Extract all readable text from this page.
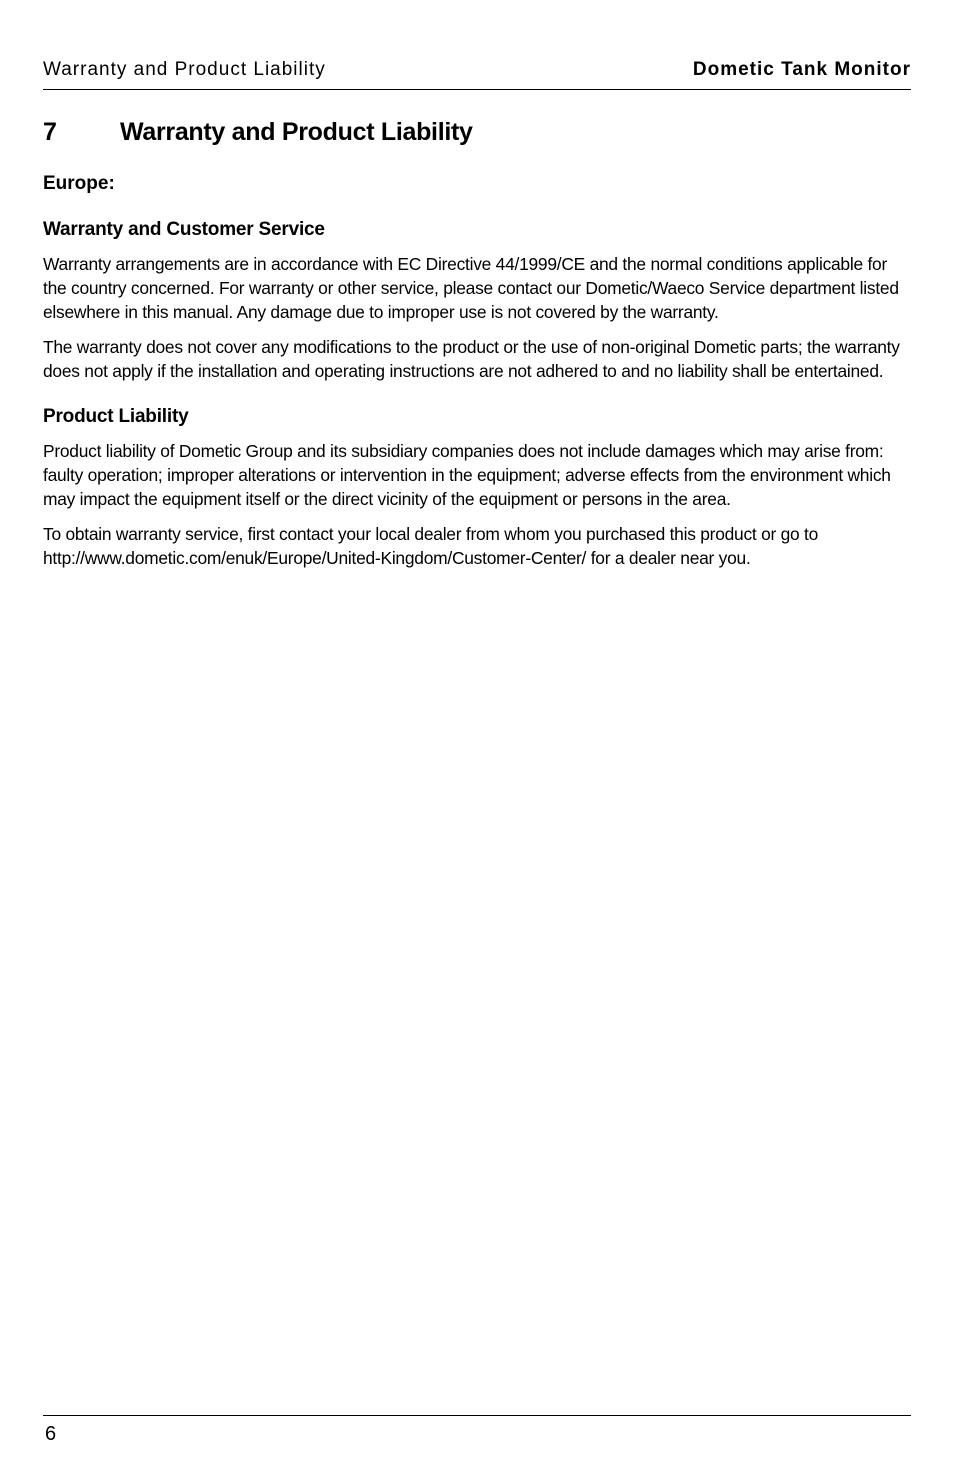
Warranty and Product Liability	Dometic Tank Monitor
7	Warranty and Product Liability
Europe:
Warranty and Customer Service

Warranty arrangements are in accordance with EC Directive 44/1999/CE and the normal conditions applicable for the country concerned. For warranty or other service, please contact our Dometic/Waeco Service department listed elsewhere in this manual. Any damage due to improper use is not covered by the warranty.

The warranty does not cover any modifications to the product or the use of non-original Dometic parts; the warranty does not apply if the installation and operating instructions are not adhered to and no liability shall be entertained.

Product Liability

Product liability of Dometic Group and its subsidiary companies does not include damages which may arise from: faulty operation; improper alterations or intervention in the equipment; adverse effects from the environment which may impact the equipment itself or the direct vicinity of the equipment or persons in the area.

To obtain warranty service, first contact your local dealer from whom you purchased this product or go to http://www.dometic.com/enuk/Europe/United-Kingdom/Customer-Center/ for a dealer near you.

6
